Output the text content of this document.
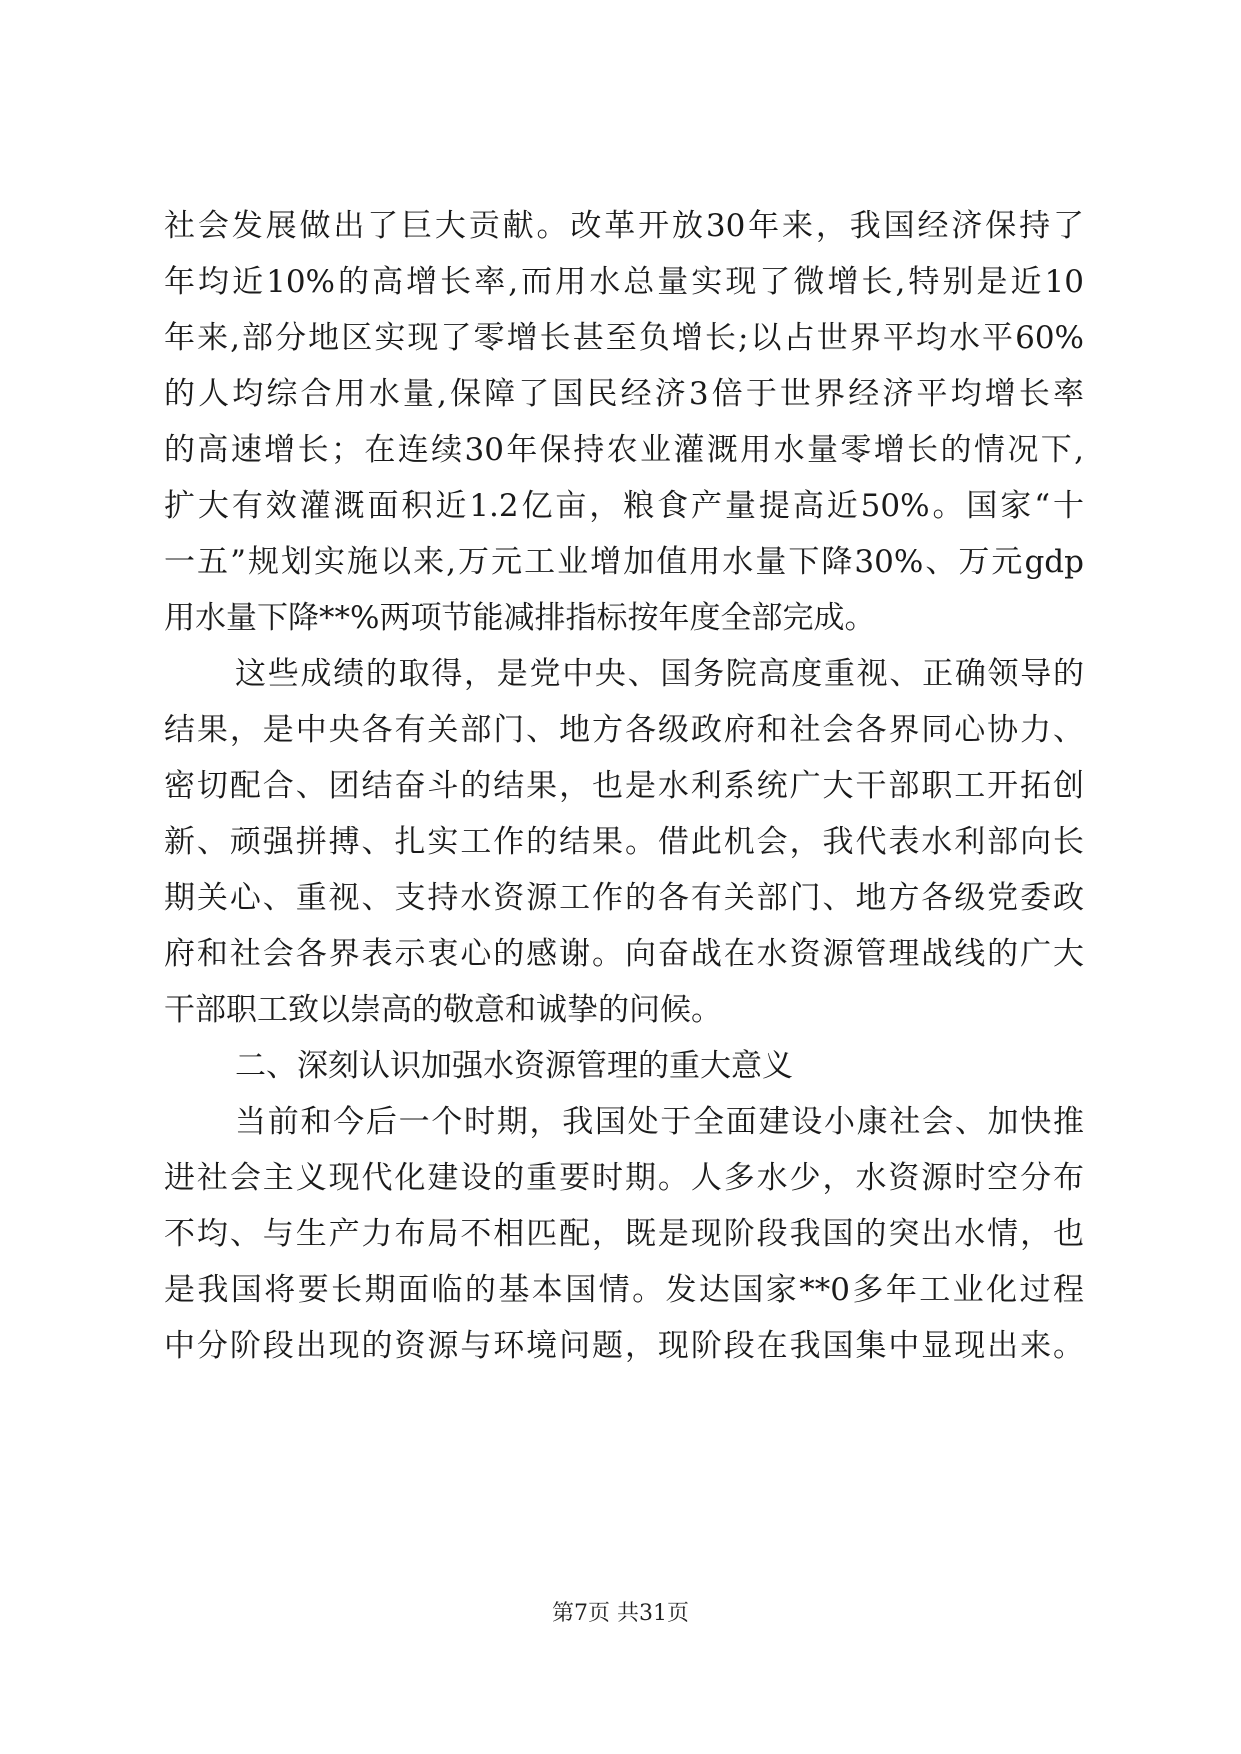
社会发展做出了巨大贡献。改革开放30年来，我国经济保持了
年均近10%的高增长率,而用水总量实现了微增长,特别是近10
年来,部分地区实现了零增长甚至负增长;以占世界平均水平60%
的人均综合用水量,保障了国民经济3倍于世界经济平均增长率
的高速增长；在连续30年保持农业灌溉用水量零增长的情况下,
扩大有效灌溉面积近1.2亿亩，粮食产量提高近50%。国家“十
一五”规划实施以来,万元工业增加值用水量下降30%、万元gdp
用水量下降**%两项节能减排指标按年度全部完成。
这些成绩的取得，是党中央、国务院高度重视、正确领导的
结果，是中央各有关部门、地方各级政府和社会各界同心协力、
密切配合、团结奋斗的结果，也是水利系统广大干部职工开拓创
新、顽强拼搏、扎实工作的结果。借此机会，我代表水利部向长
期关心、重视、支持水资源工作的各有关部门、地方各级党委政
府和社会各界表示衷心的感谢。向奋战在水资源管理战线的广大
干部职工致以崇高的敬意和诚挚的问候。
二、深刻认识加强水资源管理的重大意义
当前和今后一个时期，我国处于全面建设小康社会、加快推
进社会主义现代化建设的重要时期。人多水少，水资源时空分布
不均、与生产力布局不相匹配，既是现阶段我国的突出水情，也
是我国将要长期面临的基本国情。发达国家**0多年工业化过程
中分阶段出现的资源与环境问题，现阶段在我国集中显现出来。
第7页 共31页
